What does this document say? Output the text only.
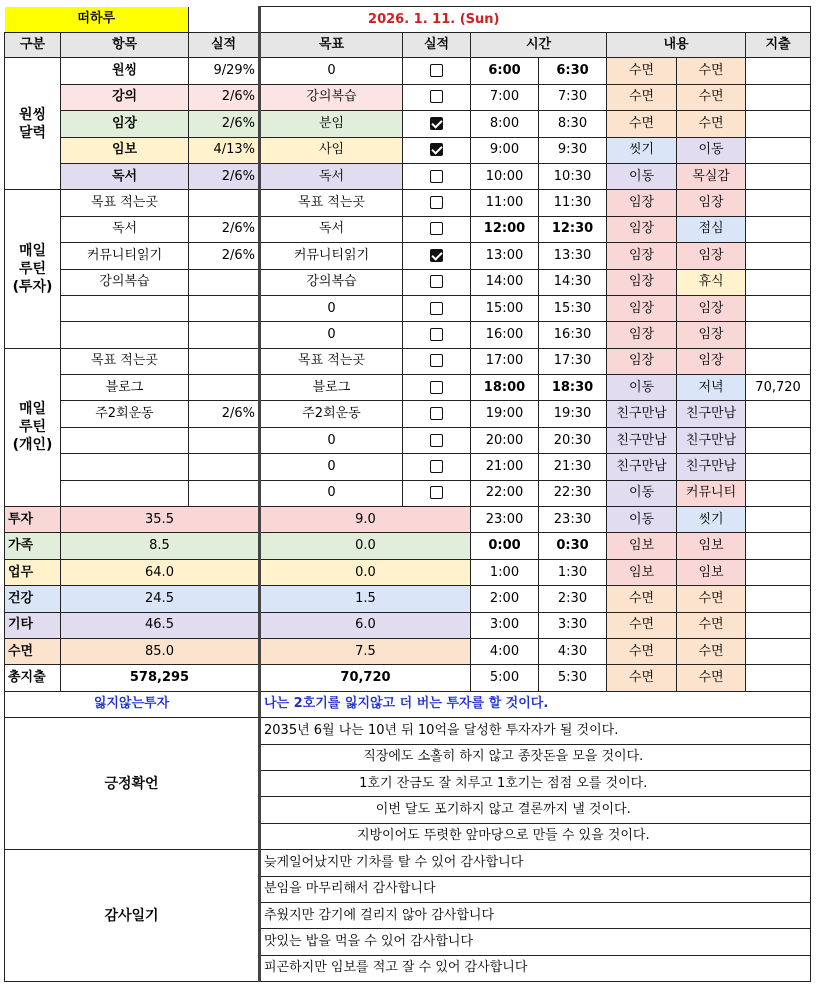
떠하루			2026. 1. 11. (Sun)						
구분	항목	실적	목표	실적	시간		내용		지출
원씽
달력	원씽	9/29%	0		6:00	6:30	수면	수면	
	강의	2/6%	강의복습		7:00	7:30	수면	수면	
	임장	2/6%	분임		8:00	8:30	수면	수면	
	임보	4/13%	사임		9:00	9:30	씻기	이동	
	독서	2/6%	독서		10:00	10:30	이동	목실감	
매일
루틴
(투자)	목표 적는곳		목표 적는곳		11:00	11:30	임장	임장	
	독서	2/6%	독서		12:00	12:30	임장	점심	
	커뮤니티읽기	2/6%	커뮤니티읽기		13:00	13:30	임장	임장	
	강의복습		강의복습		14:00	14:30	임장	휴식	
			0		15:00	15:30	임장	임장	
			0		16:00	16:30	임장	임장	
매일
루틴
(개인)	목표 적는곳		목표 적는곳		17:00	17:30	임장	임장	
	블로그		블로그		18:00	18:30	이동	저녁	70,720
	주2회운동	2/6%	주2회운동		19:00	19:30	친구만남	친구만남	
			0		20:00	20:30	친구만남	친구만남	
			0		21:00	21:30	친구만남	친구만남	
			0		22:00	22:30	이동	커뮤니티	
투자	35.5		9.0		23:00	23:30	이동	씻기	
가족	8.5		0.0		0:00	0:30	임보	임보	
업무	64.0		0.0		1:00	1:30	임보	임보	
건강	24.5		1.5		2:00	2:30	수면	수면	
기타	46.5		6.0		3:00	3:30	수면	수면	
수면	85.0		7.5		4:00	4:30	수면	수면	
총지출	578,295		70,720		5:00	5:30	수면	수면	
잃지않는투자			나는 2호기를 잃지않고 더 버는 투자를 할 것이다.						
긍정확언			2035년 6월 나는 10년 뒤 10억을 달성한 투자자가 될 것이다.						
			직장에도 소홀히 하지 않고 종잣돈을 모을 것이다.						
			1호기 잔금도 잘 치루고 1호기는 점점 오를 것이다.						
			이번 달도 포기하지 않고 결론까지 낼 것이다.						
			지방이어도 뚜렷한 앞마당으로 만들 수 있을 것이다.						
감사일기			늦게일어났지만 기차를 탈 수 있어 감사합니다						
			분임을 마무리해서 감사합니다						
			추웠지만 감기에 걸리지 않아 감사합니다						
			맛있는 밥을 먹을 수 있어 감사합니다						
			피곤하지만 임보를 적고 잘 수 있어 감사합니다						
